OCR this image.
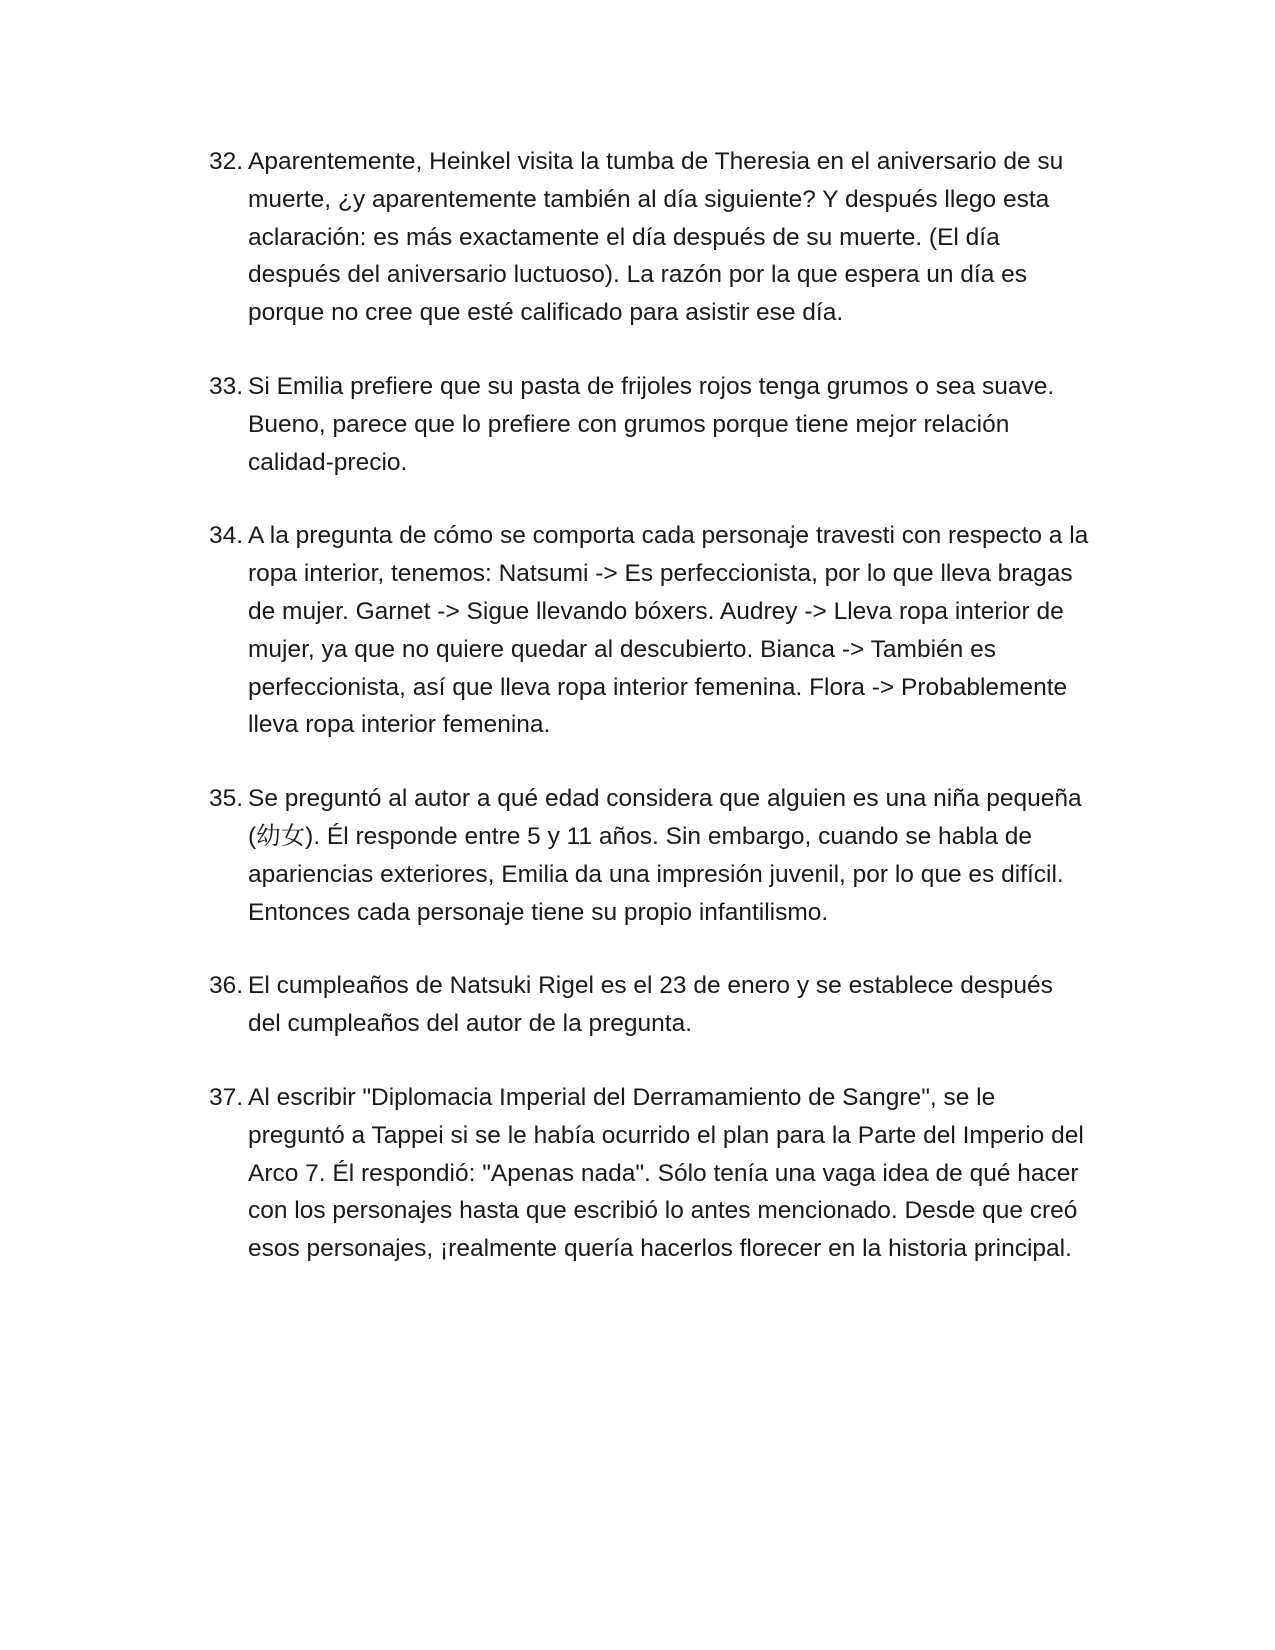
32. Aparentemente, Heinkel visita la tumba de Theresia en el aniversario de su muerte, ¿y aparentemente también al día siguiente? Y después llego esta aclaración: es más exactamente el día después de su muerte. (El día después del aniversario luctuoso). La razón por la que espera un día es porque no cree que esté calificado para asistir ese día.
33. Si Emilia prefiere que su pasta de frijoles rojos tenga grumos o sea suave. Bueno, parece que lo prefiere con grumos porque tiene mejor relación calidad-precio.
34. A la pregunta de cómo se comporta cada personaje travesti con respecto a la ropa interior, tenemos: Natsumi -> Es perfeccionista, por lo que lleva bragas de mujer. Garnet -> Sigue llevando bóxers. Audrey -> Lleva ropa interior de mujer, ya que no quiere quedar al descubierto. Bianca -> También es perfeccionista, así que lleva ropa interior femenina. Flora -> Probablemente lleva ropa interior femenina.
35. Se preguntó al autor a qué edad considera que alguien es una niña pequeña (幼女). Él responde entre 5 y 11 años. Sin embargo, cuando se habla de apariencias exteriores, Emilia da una impresión juvenil, por lo que es difícil. Entonces cada personaje tiene su propio infantilismo.
36. El cumpleaños de Natsuki Rigel es el 23 de enero y se establece después del cumpleaños del autor de la pregunta.
37. Al escribir "Diplomacia Imperial del Derramamiento de Sangre", se le preguntó a Tappei si se le había ocurrido el plan para la Parte del Imperio del Arco 7. Él respondió: "Apenas nada". Sólo tenía una vaga idea de qué hacer con los personajes hasta que escribió lo antes mencionado. Desde que creó esos personajes, ¡realmente quería hacerlos florecer en la historia principal.
